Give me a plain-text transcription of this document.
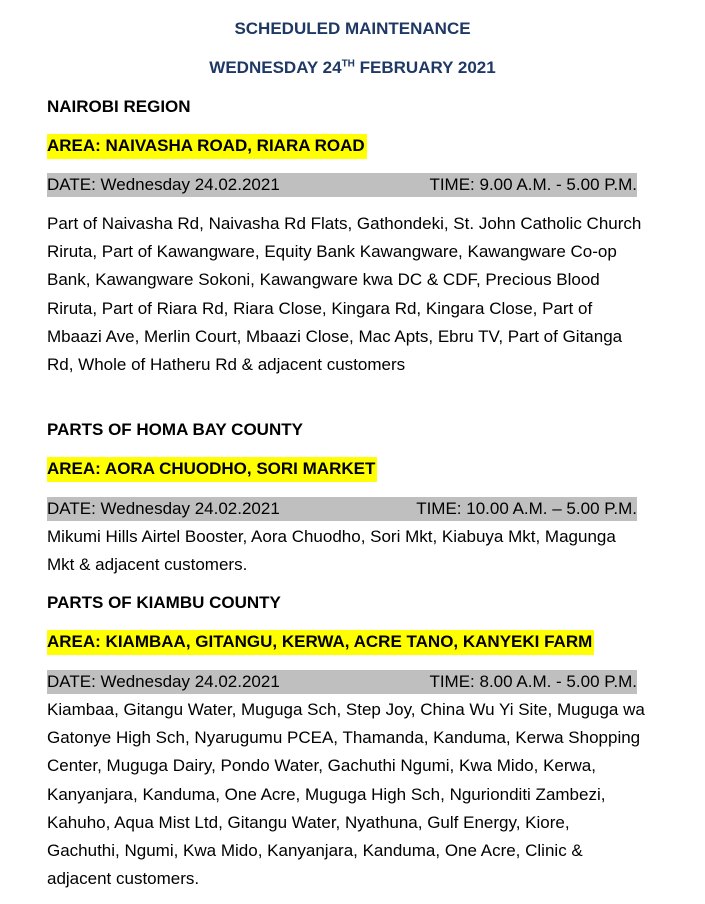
SCHEDULED MAINTENANCE
WEDNESDAY 24TH FEBRUARY 2021
NAIROBI REGION
AREA: NAIVASHA ROAD, RIARA ROAD
DATE: Wednesday 24.02.2021	TIME: 9.00 A.M. - 5.00 P.M.
Part of Naivasha Rd, Naivasha Rd Flats, Gathondeki, St. John Catholic Church Riruta, Part of Kawangware, Equity Bank Kawangware, Kawangware Co-op Bank, Kawangware Sokoni, Kawangware kwa DC & CDF, Precious Blood Riruta, Part of Riara Rd, Riara Close, Kingara Rd, Kingara Close, Part of Mbaazi Ave, Merlin Court, Mbaazi Close, Mac Apts, Ebru TV, Part of Gitanga Rd, Whole of Hatheru Rd & adjacent customers
PARTS OF HOMA BAY COUNTY
AREA: AORA CHUODHO, SORI MARKET
DATE: Wednesday 24.02.2021	TIME: 10.00 A.M. – 5.00 P.M.
Mikumi Hills Airtel Booster, Aora Chuodho, Sori Mkt, Kiabuya Mkt, Magunga Mkt & adjacent customers.
PARTS OF KIAMBU COUNTY
AREA: KIAMBAA, GITANGU, KERWA, ACRE TANO, KANYEKI FARM
DATE: Wednesday 24.02.2021	TIME: 8.00 A.M. - 5.00 P.M.
Kiambaa, Gitangu Water, Muguga Sch, Step Joy, China Wu Yi Site, Muguga wa Gatonye High Sch, Nyarugumu PCEA, Thamanda, Kanduma, Kerwa Shopping Center, Muguga Dairy, Pondo Water, Gachuthi Ngumi, Kwa Mido, Kerwa, Kanyanjara, Kanduma, One Acre, Muguga High Sch, Ngurionditi Zambezi, Kahuho, Aqua Mist Ltd, Gitangu Water, Nyathuna, Gulf Energy, Kiore, Gachuthi, Ngumi, Kwa Mido, Kanyanjara, Kanduma, One Acre, Clinic & adjacent customers.
